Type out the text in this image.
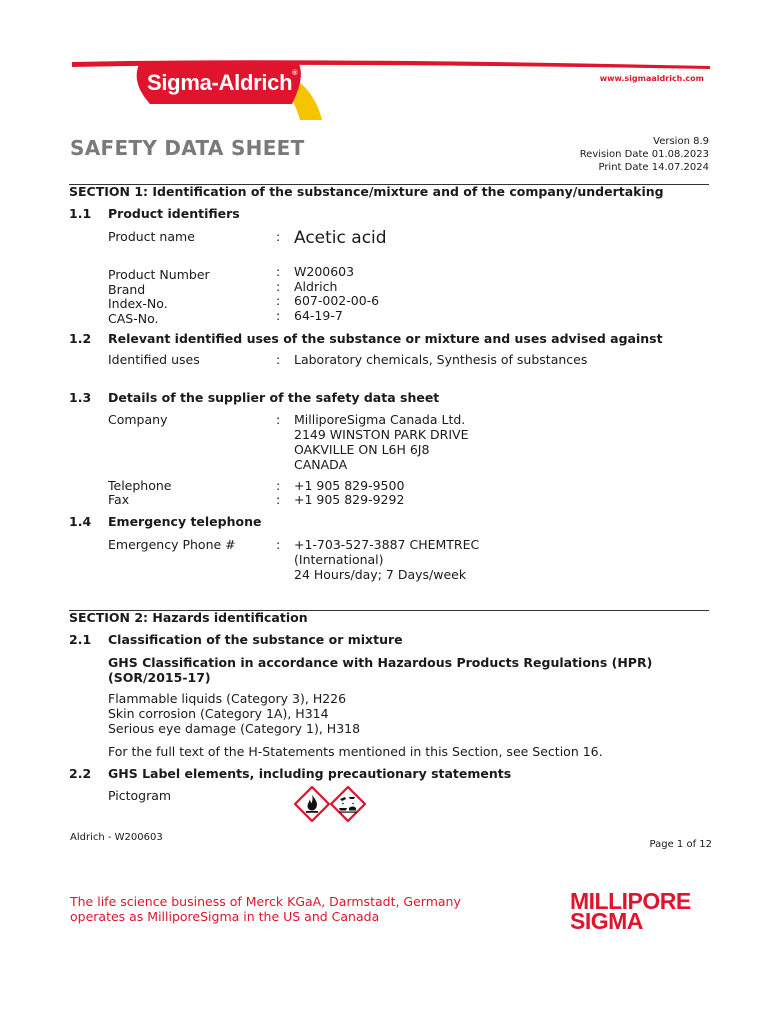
Sigma-Aldrich®
www.sigmaaldrich.com
SAFETY DATA SHEET	Version 8.9
Revision Date 01.08.2023
Print Date 14.07.2024
SECTION 1: Identification of the substance/mixture and of the company/undertaking
1.1 Product identifiers
Product name	: Acetic acid
Product Number	: W200603
Brand	: Aldrich
Index-No.	: 607-002-00-6
CAS-No.	: 64-19-7
1.2 Relevant identified uses of the substance or mixture and uses advised against
Identified uses	: Laboratory chemicals, Synthesis of substances
1.3 Details of the supplier of the safety data sheet
Company	: MilliporeSigma Canada Ltd.
2149 WINSTON PARK DRIVE
OAKVILLE ON L6H 6J8
CANADA
Telephone	: +1 905 829-9500
Fax	: +1 905 829-9292
1.4 Emergency telephone
Emergency Phone #	: +1-703-527-3887 CHEMTREC
(International)
24 Hours/day; 7 Days/week
SECTION 2: Hazards identification
2.1 Classification of the substance or mixture
GHS Classification in accordance with Hazardous Products Regulations (HPR)
(SOR/2015-17)
Flammable liquids (Category 3), H226
Skin corrosion (Category 1A), H314
Serious eye damage (Category 1), H318
For the full text of the H-Statements mentioned in this Section, see Section 16.
2.2 GHS Label elements, including precautionary statements
Pictogram
Aldrich - W200603
Page 1 of 12
The life science business of Merck KGaA, Darmstadt, Germany
operates as MilliporeSigma in the US and Canada
MILLIPORE
SIGMA
